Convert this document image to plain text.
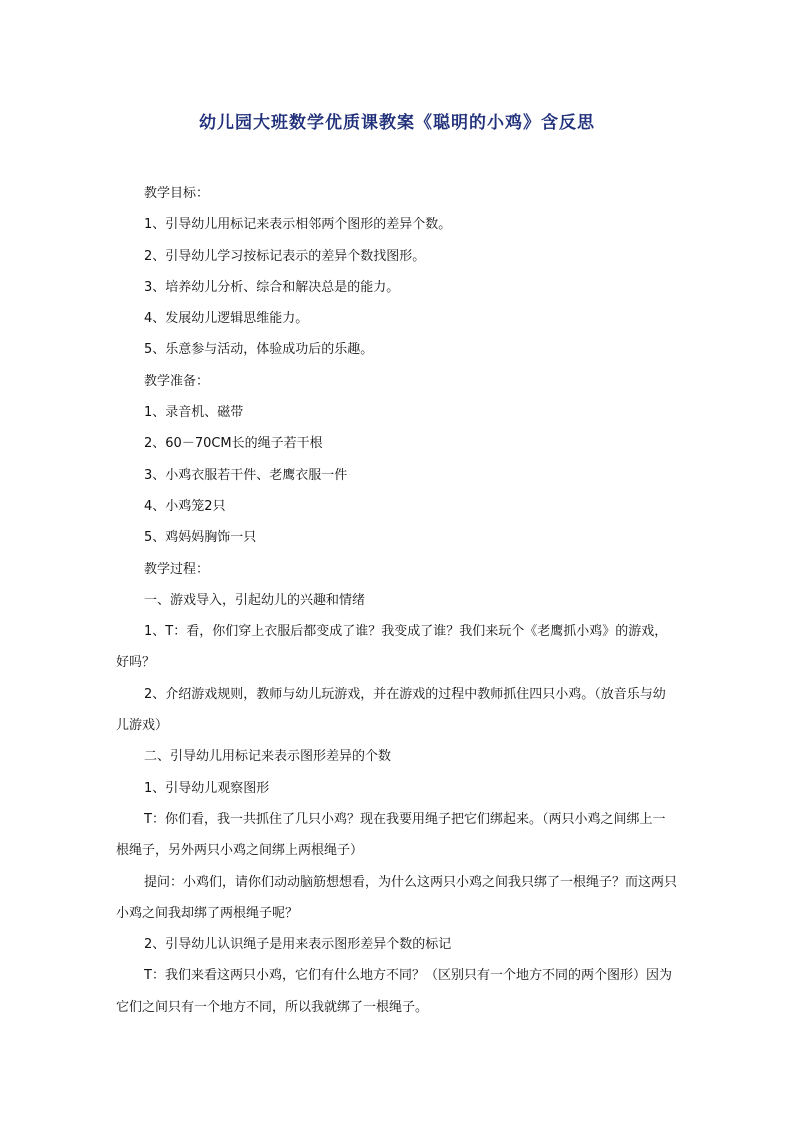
幼儿园大班数学优质课教案《聪明的小鸡》含反思

教学目标：

1、引导幼儿用标记来表示相邻两个图形的差异个数。

2、引导幼儿学习按标记表示的差异个数找图形。

3、培养幼儿分析、综合和解决总是的能力。

4、发展幼儿逻辑思维能力。

5、乐意参与活动，体验成功后的乐趣。

教学准备：

1、录音机、磁带

2、60－70CM长的绳子若干根

3、小鸡衣服若干件、老鹰衣服一件

4、小鸡笼2只

5、鸡妈妈胸饰一只

教学过程：

一、游戏导入，引起幼儿的兴趣和情绪

1、T：看，你们穿上衣服后都变成了谁？我变成了谁？我们来玩个《老鹰抓小鸡》的游戏，好吗？

2、介绍游戏规则，教师与幼儿玩游戏，并在游戏的过程中教师抓住四只小鸡。（放音乐与幼儿游戏）

二、引导幼儿用标记来表示图形差异的个数

1、引导幼儿观察图形

T：你们看，我一共抓住了几只小鸡？现在我要用绳子把它们绑起来。（两只小鸡之间绑上一根绳子，另外两只小鸡之间绑上两根绳子）

提问：小鸡们，请你们动动脑筋想想看，为什么这两只小鸡之间我只绑了一根绳子？而这两只小鸡之间我却绑了两根绳子呢？

2、引导幼儿认识绳子是用来表示图形差异个数的标记

T：我们来看这两只小鸡，它们有什么地方不同？（区别只有一个地方不同的两个图形）因为它们之间只有一个地方不同，所以我就绑了一根绳子。
